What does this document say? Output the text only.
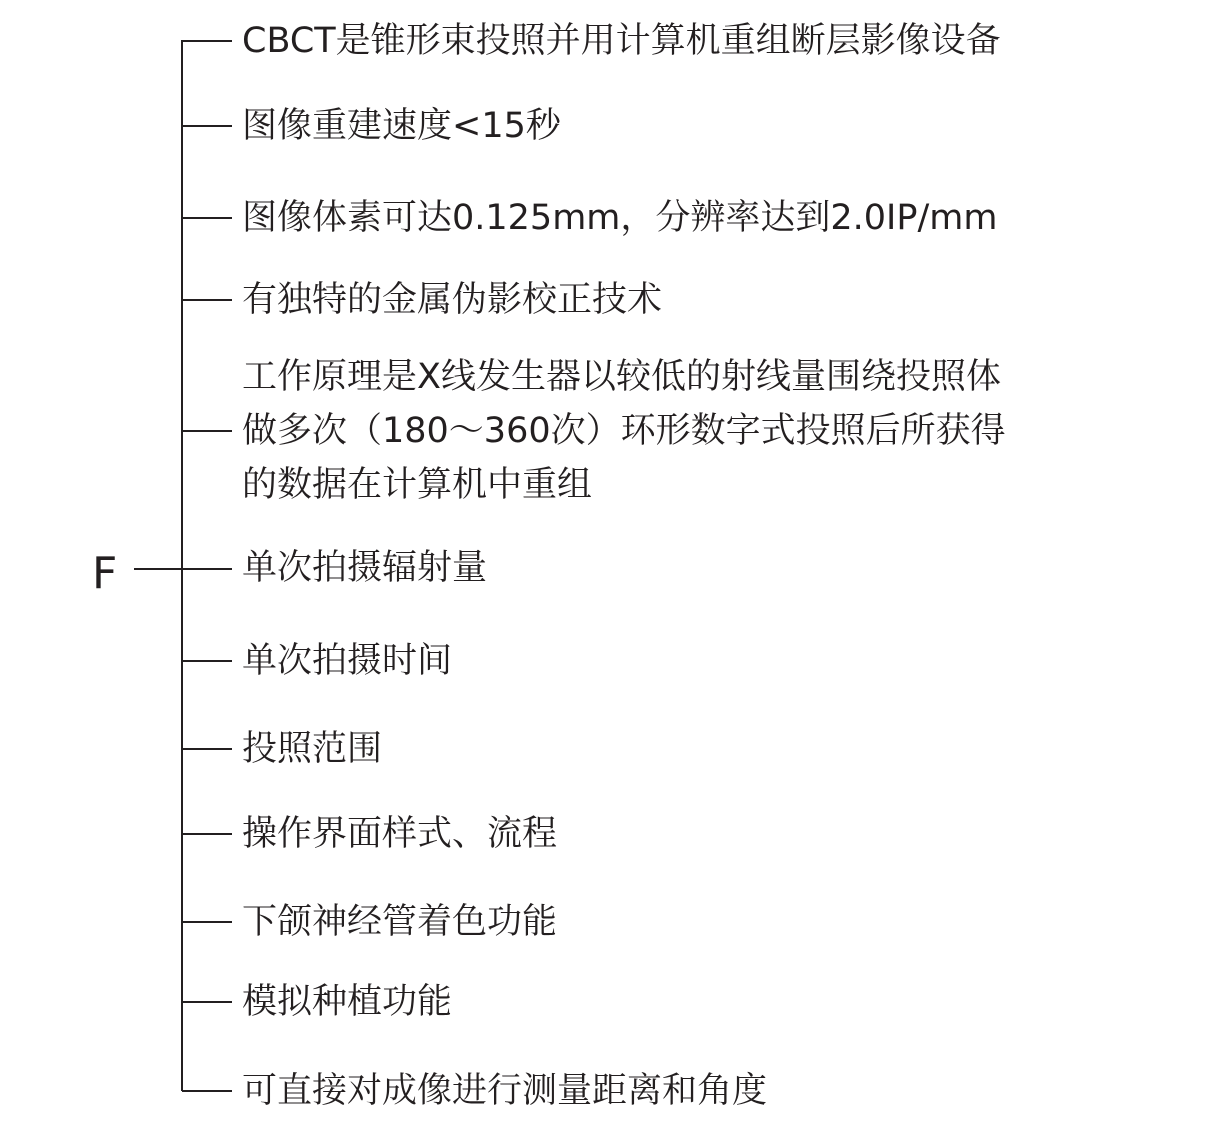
F
CBCT是锥形束投照并用计算机重组断层影像设备
图像重建速度<15秒
图像体素可达0.125mm，分辨率达到2.0IP/mm
有独特的金属伪影校正技术
工作原理是X线发生器以较低的射线量围绕投照体
做多次（180～360次）环形数字式投照后所获得
的数据在计算机中重组
单次拍摄辐射量
单次拍摄时间
投照范围
操作界面样式、流程
下颌神经管着色功能
模拟种植功能
可直接对成像进行测量距离和角度
